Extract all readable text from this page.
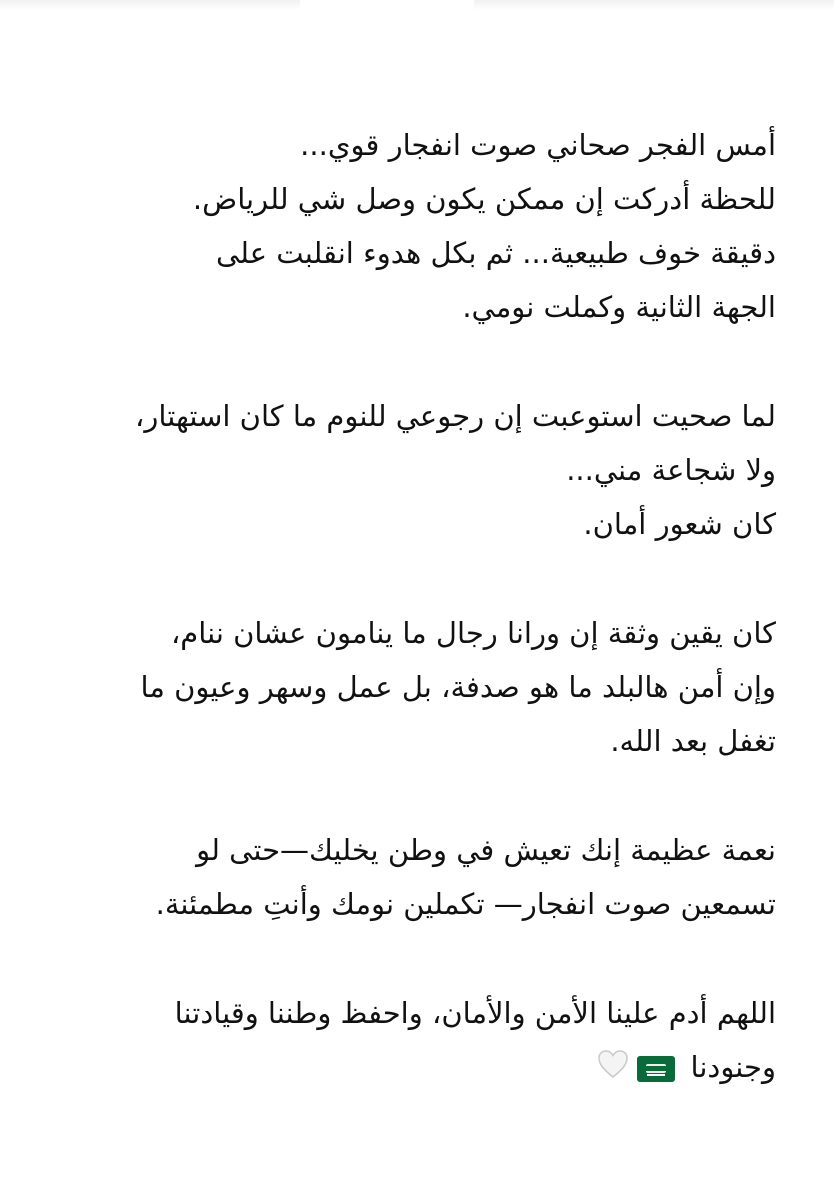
أمس الفجر صحاني صوت انفجار قوي...
للحظة أدركت إن ممكن يكون وصل شي للرياض.
دقيقة خوف طبيعية... ثم بكل هدوء انقلبت على
الجهة الثانية وكملت نومي.
لما صحيت استوعبت إن رجوعي للنوم ما كان استهتار،
ولا شجاعة مني...
كان شعور أمان.
كان يقين وثقة إن ورانا رجال ما ينامون عشان ننام،
وإن أمن هالبلد ما هو صدفة، بل عمل وسهر وعيون ما
تغفل بعد الله.
نعمة عظيمة إنك تعيش في وطن يخليك—حتى لو
تسمعين صوت انفجار— تكملين نومك وأنتِ مطمئنة.
اللهم أدم علينا الأمن والأمان، واحفظ وطننا وقيادتنا
وجنودنا
